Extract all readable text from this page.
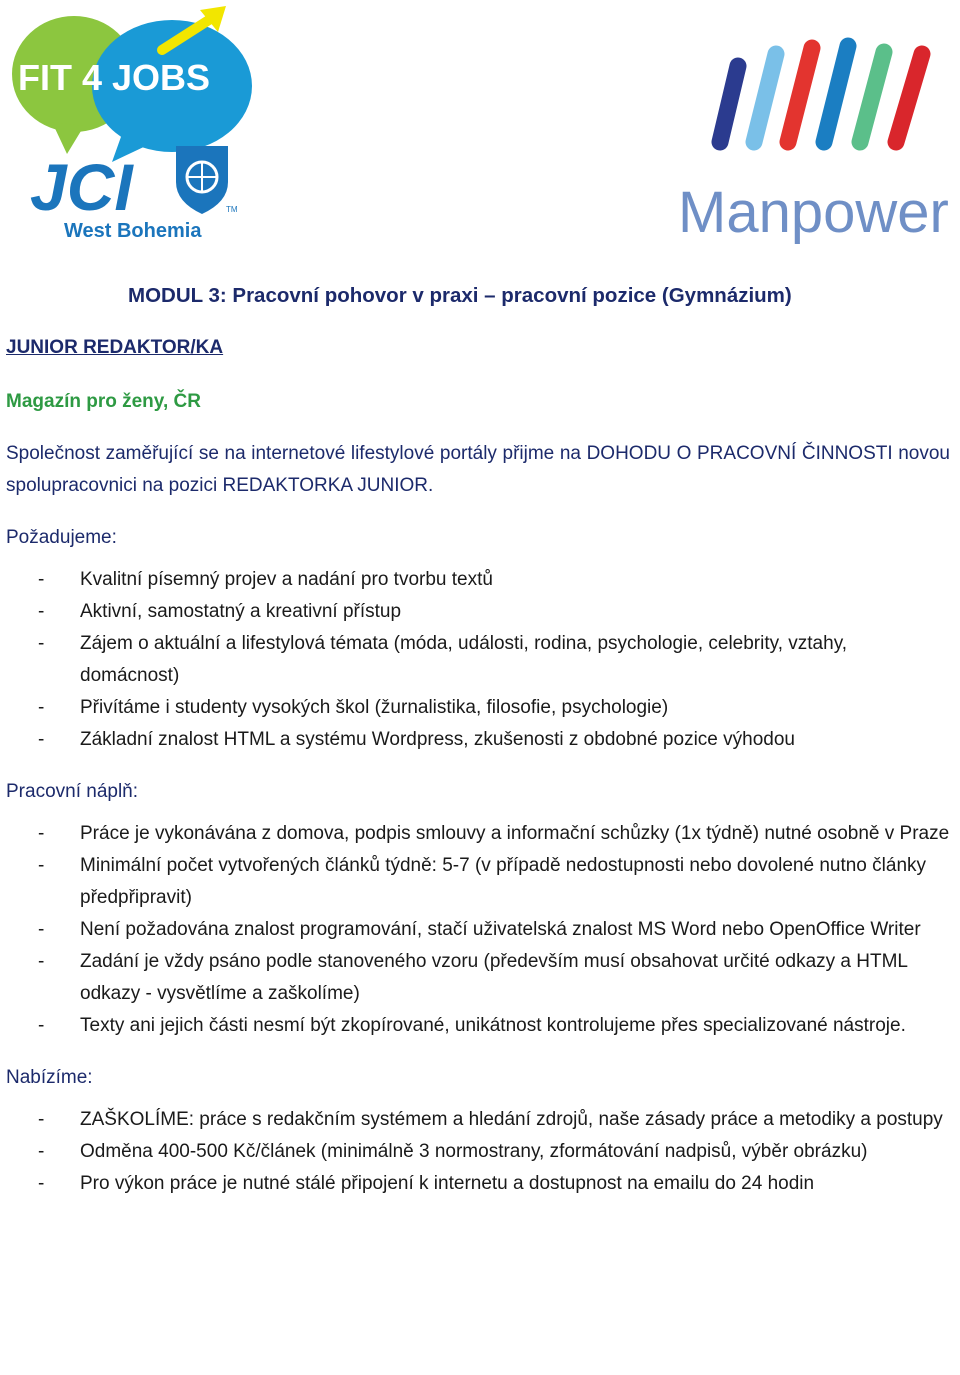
FIT 4 JOBS
JCI	TM
West Bohemia	Manpower
MODUL 3: Pracovní pohovor v praxi – pracovní pozice (Gymnázium)
JUNIOR REDAKTOR/KA
Magazín pro ženy, ČR
Společnost zaměřující se na internetové lifestylové portály přijme na DOHODU O PRACOVNÍ ČINNOSTI novou spolupracovnici na pozici REDAKTORKA JUNIOR.
Požadujeme:
- Kvalitní písemný projev a nadání pro tvorbu textů
- Aktivní, samostatný a kreativní přístup
- Zájem o aktuální a lifestylová témata (móda, události, rodina, psychologie, celebrity, vztahy, domácnost)
- Přivítáme i studenty vysokých škol (žurnalistika, filosofie, psychologie)
- Základní znalost HTML a systému Wordpress, zkušenosti z obdobné pozice výhodou
Pracovní náplň:
- Práce je vykonávána z domova, podpis smlouvy a informační schůzky (1x týdně) nutné osobně v Praze
- Minimální počet vytvořených článků týdně: 5-7 (v případě nedostupnosti nebo dovolené nutno články předpřipravit)
- Není požadována znalost programování, stačí uživatelská znalost MS Word nebo OpenOffice Writer
- Zadání je vždy psáno podle stanoveného vzoru (především musí obsahovat určité odkazy a HTML odkazy - vysvětlíme a zaškolíme)
- Texty ani jejich části nesmí být zkopírované, unikátnost kontrolujeme přes specializované nástroje.
Nabízíme:
- ZAŠKOLÍME: práce s redakčním systémem a hledání zdrojů, naše zásady práce a metodiky a postupy
- Odměna 400-500 Kč/článek (minimálně 3 normostrany, zformátování nadpisů, výběr obrázku)
- Pro výkon práce je nutné stálé připojení k internetu a dostupnost na emailu do 24 hodin
